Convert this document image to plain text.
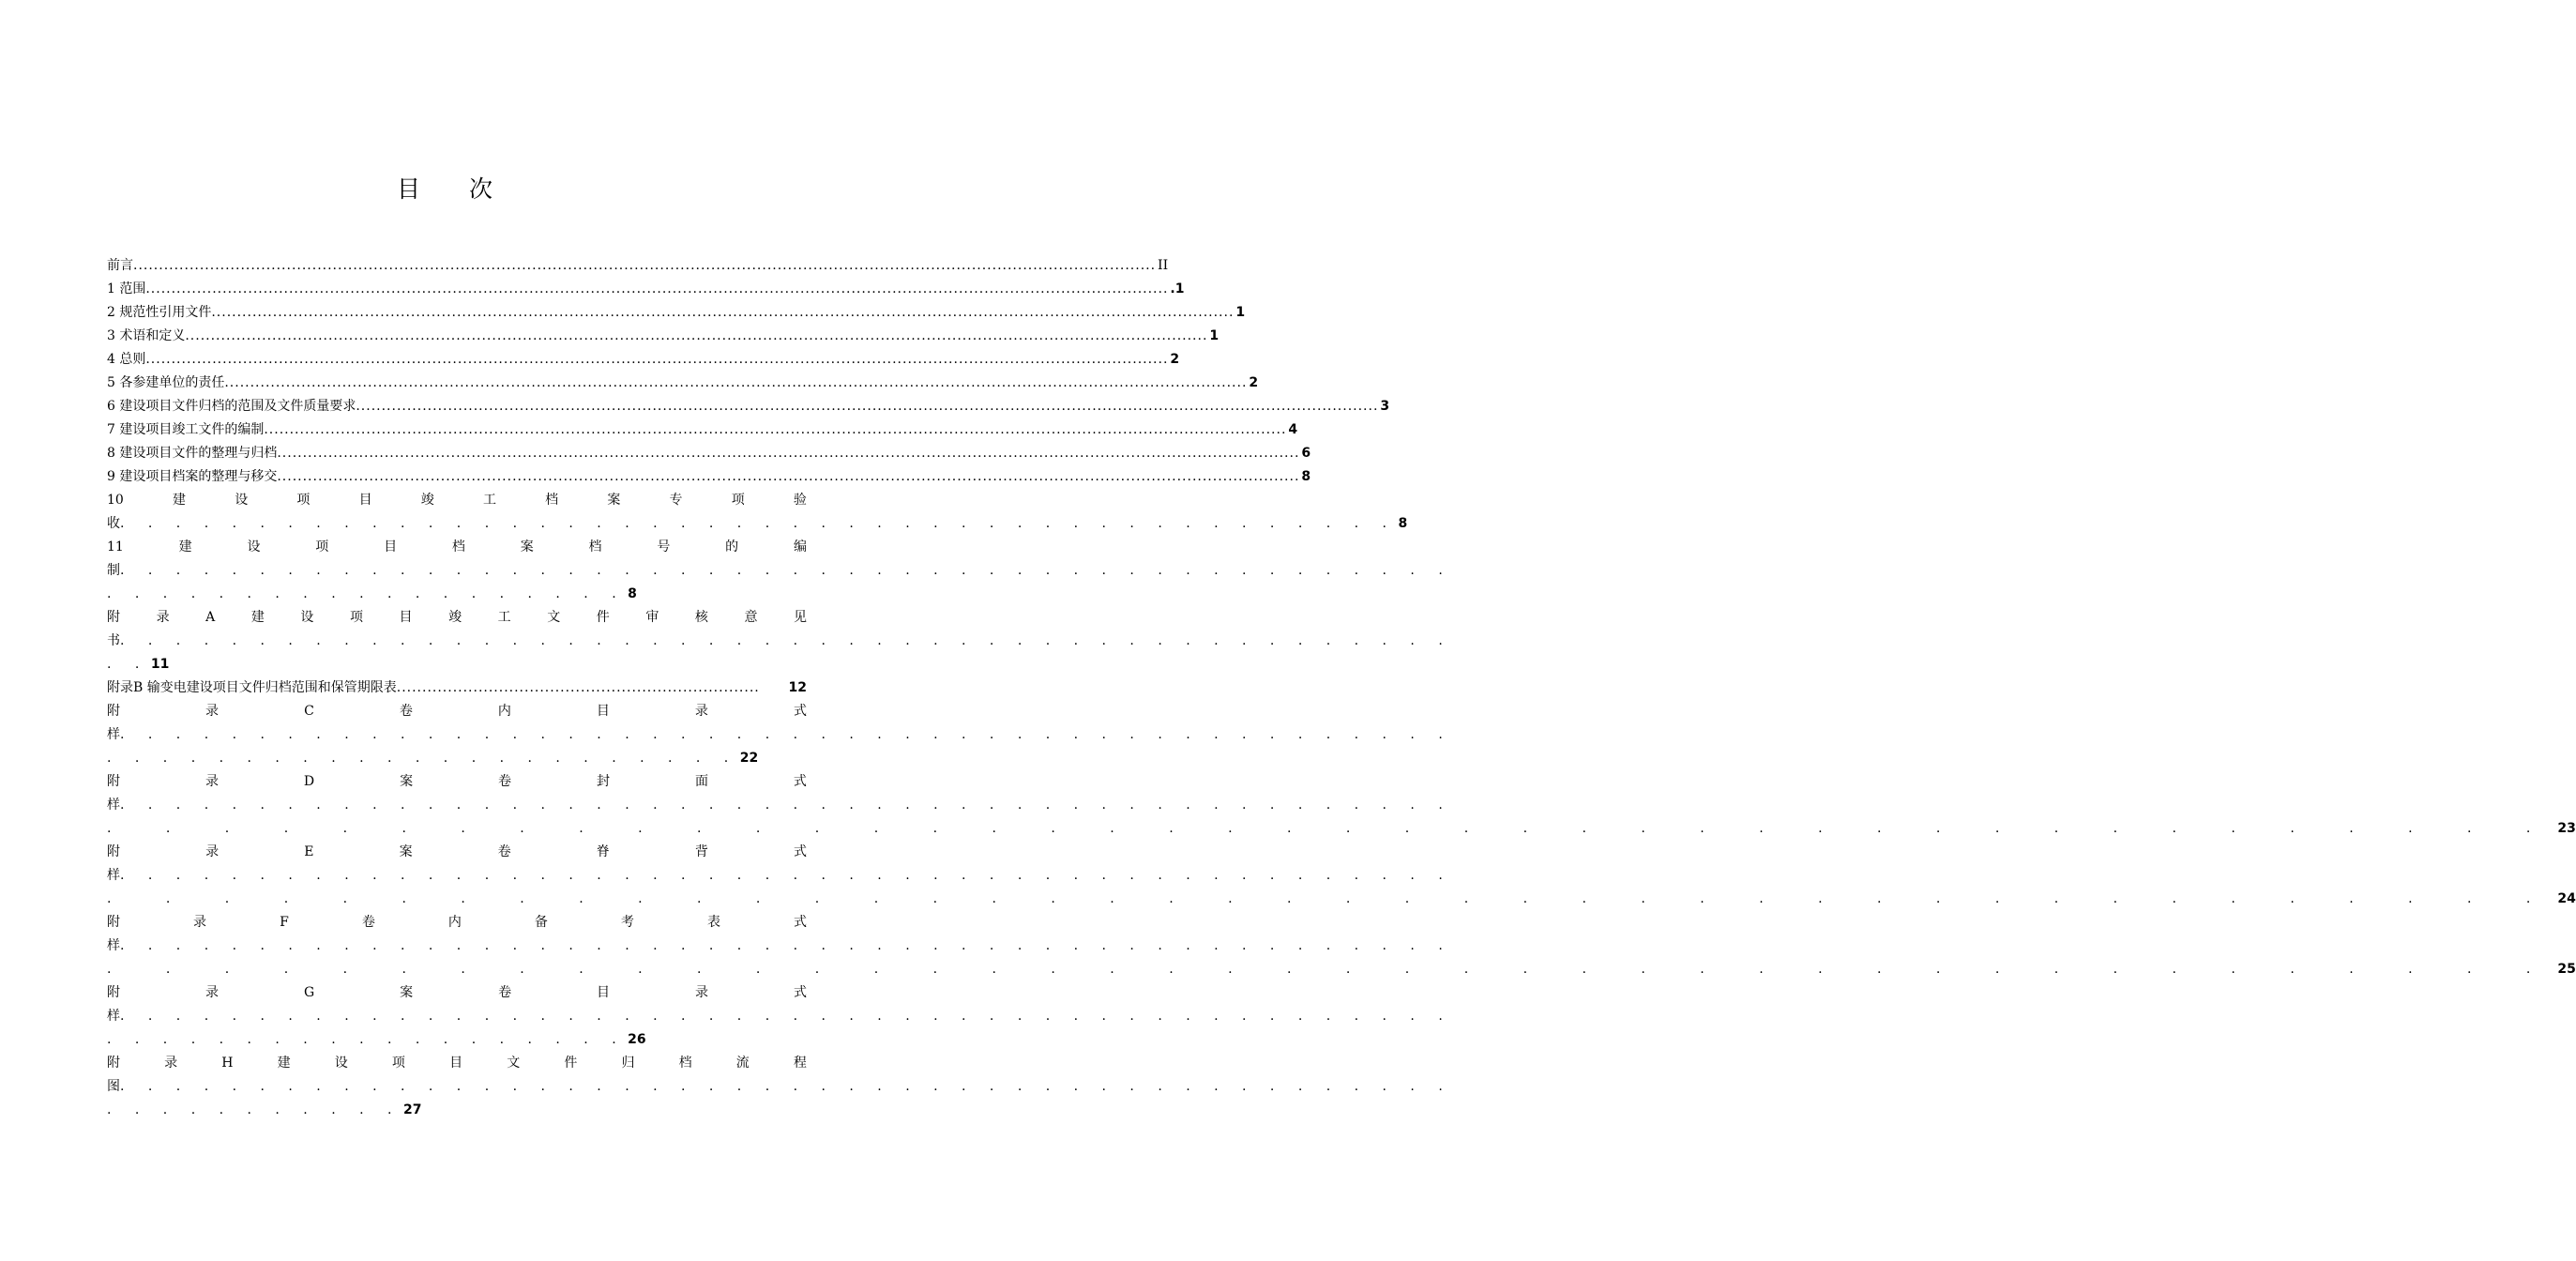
目 次
前言 ........................................................................................................................................................................................................ II
1 范围 ........................................................................................................................................................................................................ .1
2 规范性引用文件 ........................................................................................................................................................................................................ 1
3 术语和定义 ........................................................................................................................................................................................................ 1
4 总则 ........................................................................................................................................................................................................ 2
5 各参建单位的责任 ........................................................................................................................................................................................................ 2
6 建设项目文件归档的范围及文件质量要求 ........................................................................................................................................................................................................ 3
7 建设项目竣工文件的编制 ........................................................................................................................................................................................................ 4
8 建设项目文件的整理与归档 ........................................................................................................................................................................................................ 6
9 建设项目档案的整理与移交 ........................................................................................................................................................................................................ 8
10	建	设	项	目	竣	工	档	案	专	项	验
收 . . . . . . . . . . . . . . . . . . . . . . . . . . . . . . . . . . . . . . . . . . . . . . 8
11	建	设	项	目	档	案	档	号	的	编
制 . . . . . . . . . . . . . . . . . . . . . . . . . . . . . . . . . . . . . . . . . . . . . . . .
. . . . . . . . . . . . . . . . . . . 8
附	录	A	建	设	项	目	竣	工	文	件	审	核	意	见
书 . . . . . . . . . . . . . . . . . . . . . . . . . . . . . . . . . . . . . . . . . . . . . . . .
. . 11
附录B 输变电建设项目文件归档范围和保管期限表 .......................................................................	12
附	录	C	卷	内	目	录	式
样 . . . . . . . . . . . . . . . . . . . . . . . . . . . . . . . . . . . . . . . . . . . . . . . .
. . . . . . . . . . . . . . . . . . . . . . . 22
附	录	D	案	卷	封	面	式
样 . . . . . . . . . . . . . . . . . . . . . . . . . . . . . . . . . . . . . . . . . . . . . . . .
. . . . . . . . . . . . . . . . . . . . . . . . . . . . . . . . . . . . . . . . . . 23
附	录	E	案	卷	脊	背	式
样 . . . . . . . . . . . . . . . . . . . . . . . . . . . . . . . . . . . . . . . . . . . . . . . .
. . . . . . . . . . . . . . . . . . . . . . . . . . . . . . . . . . . . . . . . . . 24
附	录	F	卷	内	备	考	表	式
样 . . . . . . . . . . . . . . . . . . . . . . . . . . . . . . . . . . . . . . . . . . . . . . . .
. . . . . . . . . . . . . . . . . . . . . . . . . . . . . . . . . . . . . . . . . . 25
附	录	G	案	卷	目	录	式
样 . . . . . . . . . . . . . . . . . . . . . . . . . . . . . . . . . . . . . . . . . . . . . . . .
. . . . . . . . . . . . . . . . . . . 26
附	录	H	建	设	项	目	文	件	归	档	流	程
图 . . . . . . . . . . . . . . . . . . . . . . . . . . . . . . . . . . . . . . . . . . . . . . . .
. . . . . . . . . . . 27
